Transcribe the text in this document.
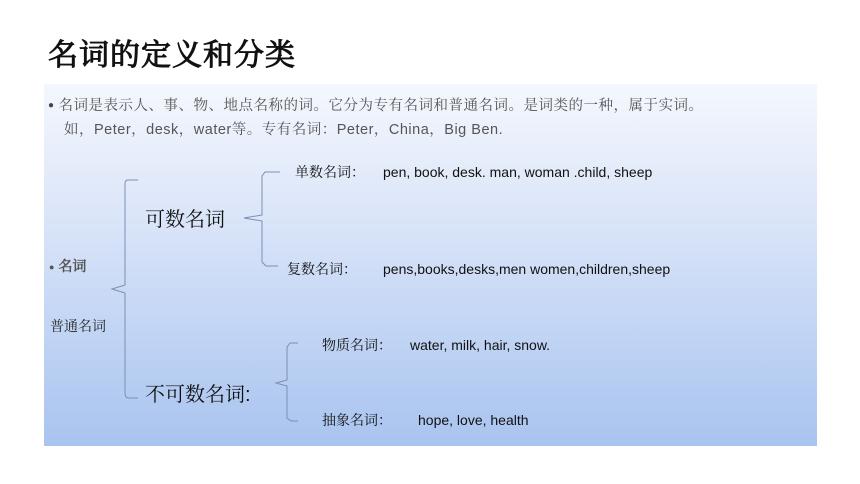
名词的定义和分类
● 名词是表示人、事、物、地点名称的词。它分为专有名词和普通名词。是词类的一种，属于实词。
如，Peter，desk，water等。专有名词：Peter，China，Big Ben.
● 名词
普通名词
可数名词
不可数名词:
单数名词： pen, book, desk. man, woman .child, sheep
复数名词： pens,books,desks,men women,children,sheep
物质名词： water, milk, hair, snow.
抽象名词： hope, love, health
